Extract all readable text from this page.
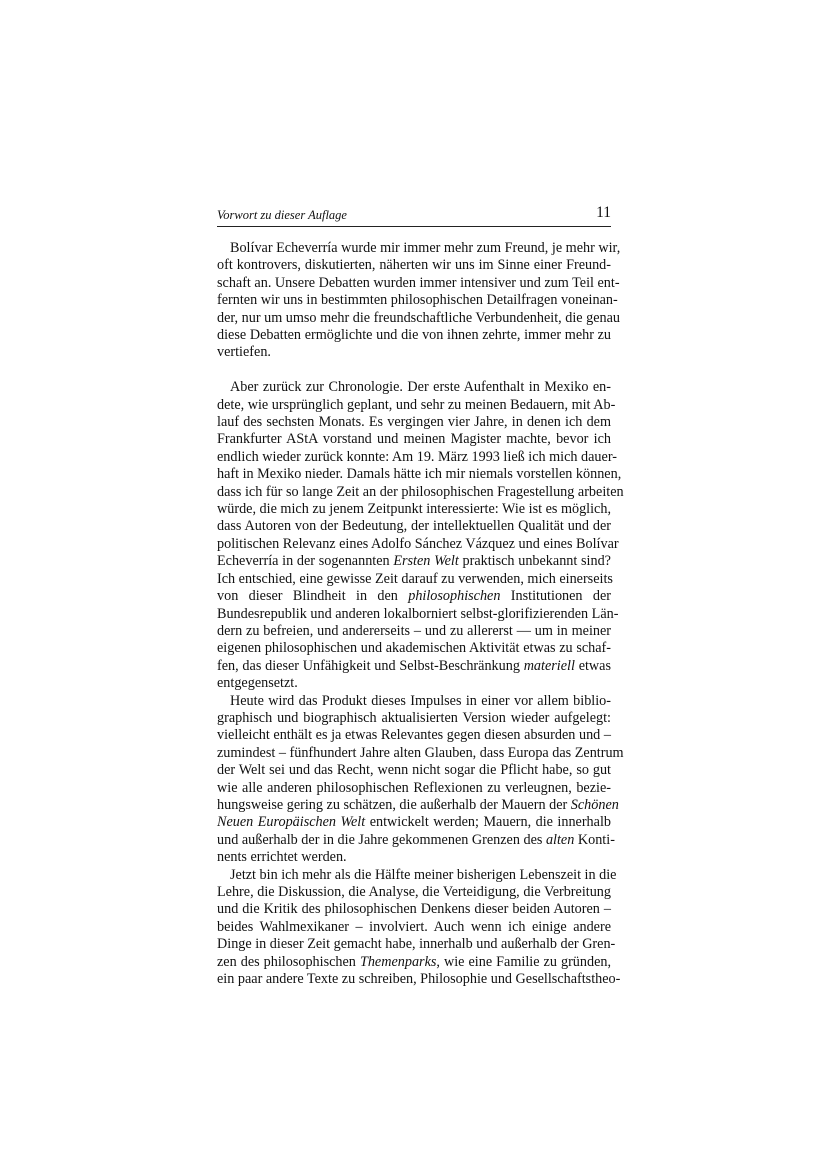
Vorwort zu dieser Auflage	11

Bolívar Echeverría wurde mir immer mehr zum Freund, je mehr wir,
oft kontrovers, diskutierten, näherten wir uns im Sinne einer Freund-
schaft an. Unsere Debatten wurden immer intensiver und zum Teil ent-
fernten wir uns in bestimmten philosophischen Detailfragen voneinan-
der, nur um umso mehr die freundschaftliche Verbundenheit, die genau
diese Debatten ermöglichte und die von ihnen zehrte, immer mehr zu
vertiefen.

Aber zurück zur Chronologie. Der erste Aufenthalt in Mexiko en-
dete, wie ursprünglich geplant, und sehr zu meinen Bedauern, mit Ab-
lauf des sechsten Monats. Es vergingen vier Jahre, in denen ich dem
Frankfurter AStA vorstand und meinen Magister machte, bevor ich
endlich wieder zurück konnte: Am 19. März 1993 ließ ich mich dauer-
haft in Mexiko nieder. Damals hätte ich mir niemals vorstellen können,
dass ich für so lange Zeit an der philosophischen Fragestellung arbeiten
würde, die mich zu jenem Zeitpunkt interessierte: Wie ist es möglich,
dass Autoren von der Bedeutung, der intellektuellen Qualität und der
politischen Relevanz eines Adolfo Sánchez Vázquez und eines Bolívar
Echeverría in der sogenannten Ersten Welt praktisch unbekannt sind?
Ich entschied, eine gewisse Zeit darauf zu verwenden, mich einerseits
von dieser Blindheit in den philosophischen Institutionen der
Bundesrepublik und anderen lokalborniert selbst-glorifizierenden Län-
dern zu befreien, und andererseits – und zu allererst — um in meiner
eigenen philosophischen und akademischen Aktivität etwas zu schaf-
fen, das dieser Unfähigkeit und Selbst-Beschränkung materiell etwas
entgegensetzt.

Heute wird das Produkt dieses Impulses in einer vor allem biblio-
graphisch und biographisch aktualisierten Version wieder aufgelegt:
vielleicht enthält es ja etwas Relevantes gegen diesen absurden und –
zumindest – fünfhundert Jahre alten Glauben, dass Europa das Zentrum
der Welt sei und das Recht, wenn nicht sogar die Pflicht habe, so gut
wie alle anderen philosophischen Reflexionen zu verleugnen, bezie-
hungsweise gering zu schätzen, die außerhalb der Mauern der Schönen
Neuen Europäischen Welt entwickelt werden; Mauern, die innerhalb
und außerhalb der in die Jahre gekommenen Grenzen des alten Konti-
nents errichtet werden.

Jetzt bin ich mehr als die Hälfte meiner bisherigen Lebenszeit in die
Lehre, die Diskussion, die Analyse, die Verteidigung, die Verbreitung
und die Kritik des philosophischen Denkens dieser beiden Autoren –
beides Wahlmexikaner – involviert. Auch wenn ich einige andere
Dinge in dieser Zeit gemacht habe, innerhalb und außerhalb der Gren-
zen des philosophischen Themenparks, wie eine Familie zu gründen,
ein paar andere Texte zu schreiben, Philosophie und Gesellschaftstheo-
